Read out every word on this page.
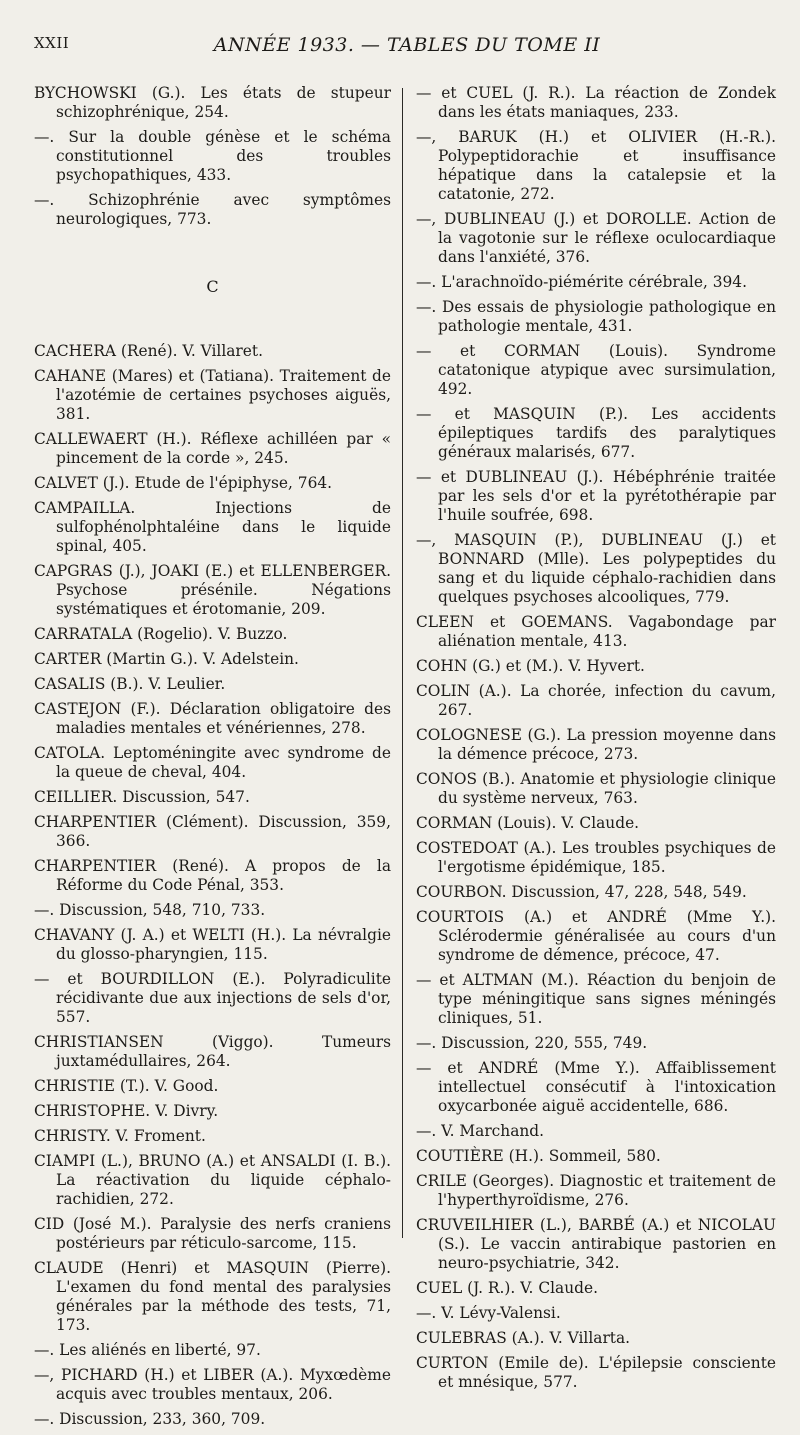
XXII	ANNÉE 1933. — TABLES DU TOME II

BYCHOWSKI (G.). Les états de stupeur schizophrénique, 254.

—. Sur la double génèse et le schéma constitutionnel des troubles psychopathiques, 433.

—. Schizophrénie avec symptômes neurologiques, 773.

C

CACHERA (René). V. Villaret.

CAHANE (Mares) et (Tatiana). Traitement de l'azotémie de certaines psychoses aiguës, 381.

CALLEWAERT (H.). Réflexe achilléen par « pincement de la corde », 245.

CALVET (J.). Etude de l'épiphyse, 764.

CAMPAILLA. Injections de sulfophénolphtaléine dans le liquide spinal, 405.

CAPGRAS (J.), JOAKI (E.) et ELLENBERGER. Psychose présénile. Négations systématiques et érotomanie, 209.

CARRATALA (Rogelio). V. Buzzo.

CARTER (Martin G.). V. Adelstein.

CASALIS (B.). V. Leulier.

CASTEJON (F.). Déclaration obligatoire des maladies mentales et vénériennes, 278.

CATOLA. Leptoméningite avec syndrome de la queue de cheval, 404.

CEILLIER. Discussion, 547.

CHARPENTIER (Clément). Discussion, 359, 366.

CHARPENTIER (René). A propos de la Réforme du Code Pénal, 353.

—. Discussion, 548, 710, 733.

CHAVANY (J. A.) et WELTI (H.). La névralgie du glosso-pharyngien, 115.

— et BOURDILLON (E.). Polyradiculite récidivante due aux injections de sels d'or, 557.

CHRISTIANSEN (Viggo). Tumeurs juxtamédullaires, 264.

CHRISTIE (T.). V. Good.

CHRISTOPHE. V. Divry.

CHRISTY. V. Froment.

CIAMPI (L.), BRUNO (A.) et ANSALDI (I. B.). La réactivation du liquide céphalo-rachidien, 272.

CID (José M.). Paralysie des nerfs craniens postérieurs par réticulo-sarcome, 115.

CLAUDE (Henri) et MASQUIN (Pierre). L'examen du fond mental des paralysies générales par la méthode des tests, 71, 173.

—. Les aliénés en liberté, 97.

—, PICHARD (H.) et LIBER (A.). Myxœdème acquis avec troubles mentaux, 206.

—. Discussion, 233, 360, 709.

— et CUEL (J. R.). La réaction de Zondek dans les états maniaques, 233.

—, BARUK (H.) et OLIVIER (H.-R.). Polypeptidorachie et insuffisance hépatique dans la catalepsie et la catatonie, 272.

—, DUBLINEAU (J.) et DOROLLE. Action de la vagotonie sur le réflexe oculocardiaque dans l'anxiété, 376.

—. L'arachnoïdo-piémérite cérébrale, 394.

—. Des essais de physiologie pathologique en pathologie mentale, 431.

— et CORMAN (Louis). Syndrome catatonique atypique avec sursimulation, 492.

— et MASQUIN (P.). Les accidents épileptiques tardifs des paralytiques généraux malarisés, 677.

— et DUBLINEAU (J.). Hébéphrénie traitée par les sels d'or et la pyrétothérapie par l'huile soufrée, 698.

—, MASQUIN (P.), DUBLINEAU (J.) et BONNARD (Mlle). Les polypeptides du sang et du liquide céphalo-rachidien dans quelques psychoses alcooliques, 779.

CLEEN et GOEMANS. Vagabondage par aliénation mentale, 413.

COHN (G.) et (M.). V. Hyvert.

COLIN (A.). La chorée, infection du cavum, 267.

COLOGNESE (G.). La pression moyenne dans la démence précoce, 273.

CONOS (B.). Anatomie et physiologie clinique du système nerveux, 763.

CORMAN (Louis). V. Claude.

COSTEDOAT (A.). Les troubles psychiques de l'ergotisme épidémique, 185.

COURBON. Discussion, 47, 228, 548, 549.

COURTOIS (A.) et ANDRÉ (Mme Y.). Sclérodermie généralisée au cours d'un syndrome de démence, précoce, 47.

— et ALTMAN (M.). Réaction du benjoin de type méningitique sans signes méningés cliniques, 51.

—. Discussion, 220, 555, 749.

— et ANDRÉ (Mme Y.). Affaiblissement intellectuel consécutif à l'intoxication oxycarbonée aiguë accidentelle, 686.

—. V. Marchand.

COUTIÈRE (H.). Sommeil, 580.

CRILE (Georges). Diagnostic et traitement de l'hyperthyroïdisme, 276.

CRUVEILHIER (L.), BARBÉ (A.) et NICOLAU (S.). Le vaccin antirabique pastorien en neuro-psychiatrie, 342.

CUEL (J. R.). V. Claude.

—. V. Lévy-Valensi.

CULEBRAS (A.). V. Villarta.

CURTON (Emile de). L'épilepsie consciente et mnésique, 577.
